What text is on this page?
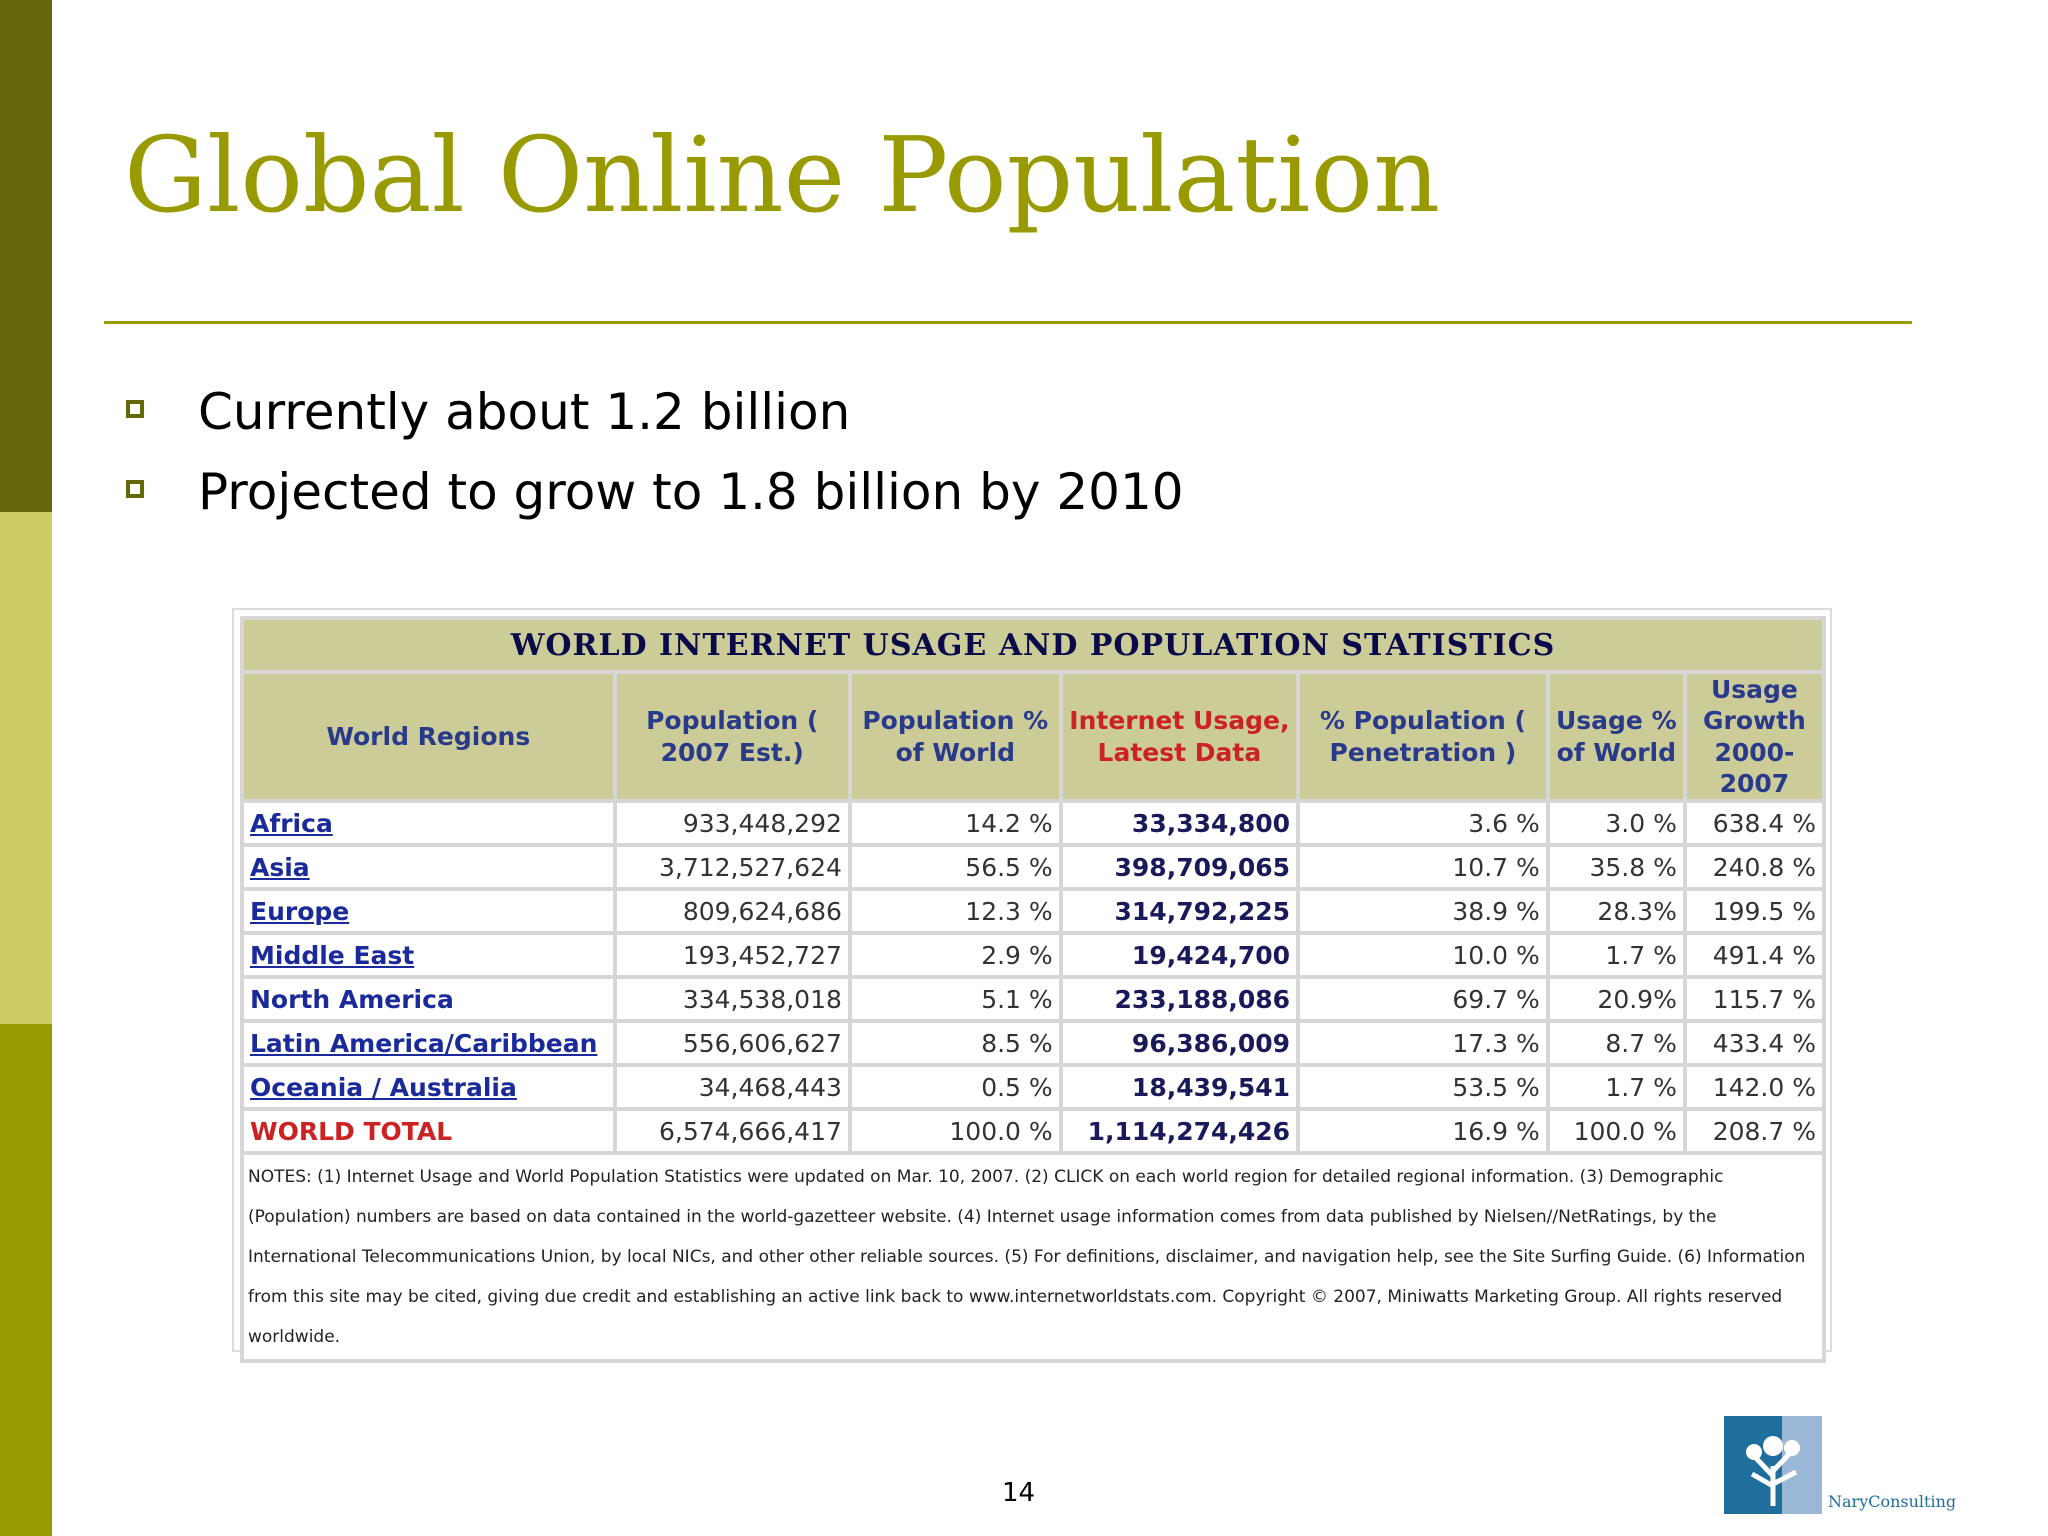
Global Online Population
Currently about 1.2 billion
Projected to grow to 1.8 billion by 2010
WORLD INTERNET USAGE AND POPULATION STATISTICS						
World Regions	Population ( 2007 Est.)	Population % of World	Internet Usage, Latest Data	% Population ( Penetration )	Usage % of World	Usage Growth 2000-2007
Africa	933,448,292	14.2 %	33,334,800	3.6 %	3.0 %	638.4 %
Asia	3,712,527,624	56.5 %	398,709,065	10.7 %	35.8 %	240.8 %
Europe	809,624,686	12.3 %	314,792,225	38.9 %	28.3%	199.5 %
Middle East	193,452,727	2.9 %	19,424,700	10.0 %	1.7 %	491.4 %
North America	334,538,018	5.1 %	233,188,086	69.7 %	20.9%	115.7 %
Latin America/Caribbean	556,606,627	8.5 %	96,386,009	17.3 %	8.7 %	433.4 %
Oceania / Australia	34,468,443	0.5 %	18,439,541	53.5 %	1.7 %	142.0 %
WORLD TOTAL	6,574,666,417	100.0 %	1,114,274,426	16.9 %	100.0 %	208.7 %
NOTES: (1) Internet Usage and World Population Statistics were updated on Mar. 10, 2007. (2) CLICK on each world region for detailed regional information. (3) Demographic (Population) numbers are based on data contained in the world-gazetteer website. (4) Internet usage information comes from data published by Nielsen//NetRatings, by the International Telecommunications Union, by local NICs, and other other reliable sources. (5) For definitions, disclaimer, and navigation help, see the Site Surfing Guide. (6) Information from this site may be cited, giving due credit and establishing an active link back to www.internetworldstats.com. Copyright © 2007, Miniwatts Marketing Group. All rights reserved worldwide.						
14	NaryConsulting
